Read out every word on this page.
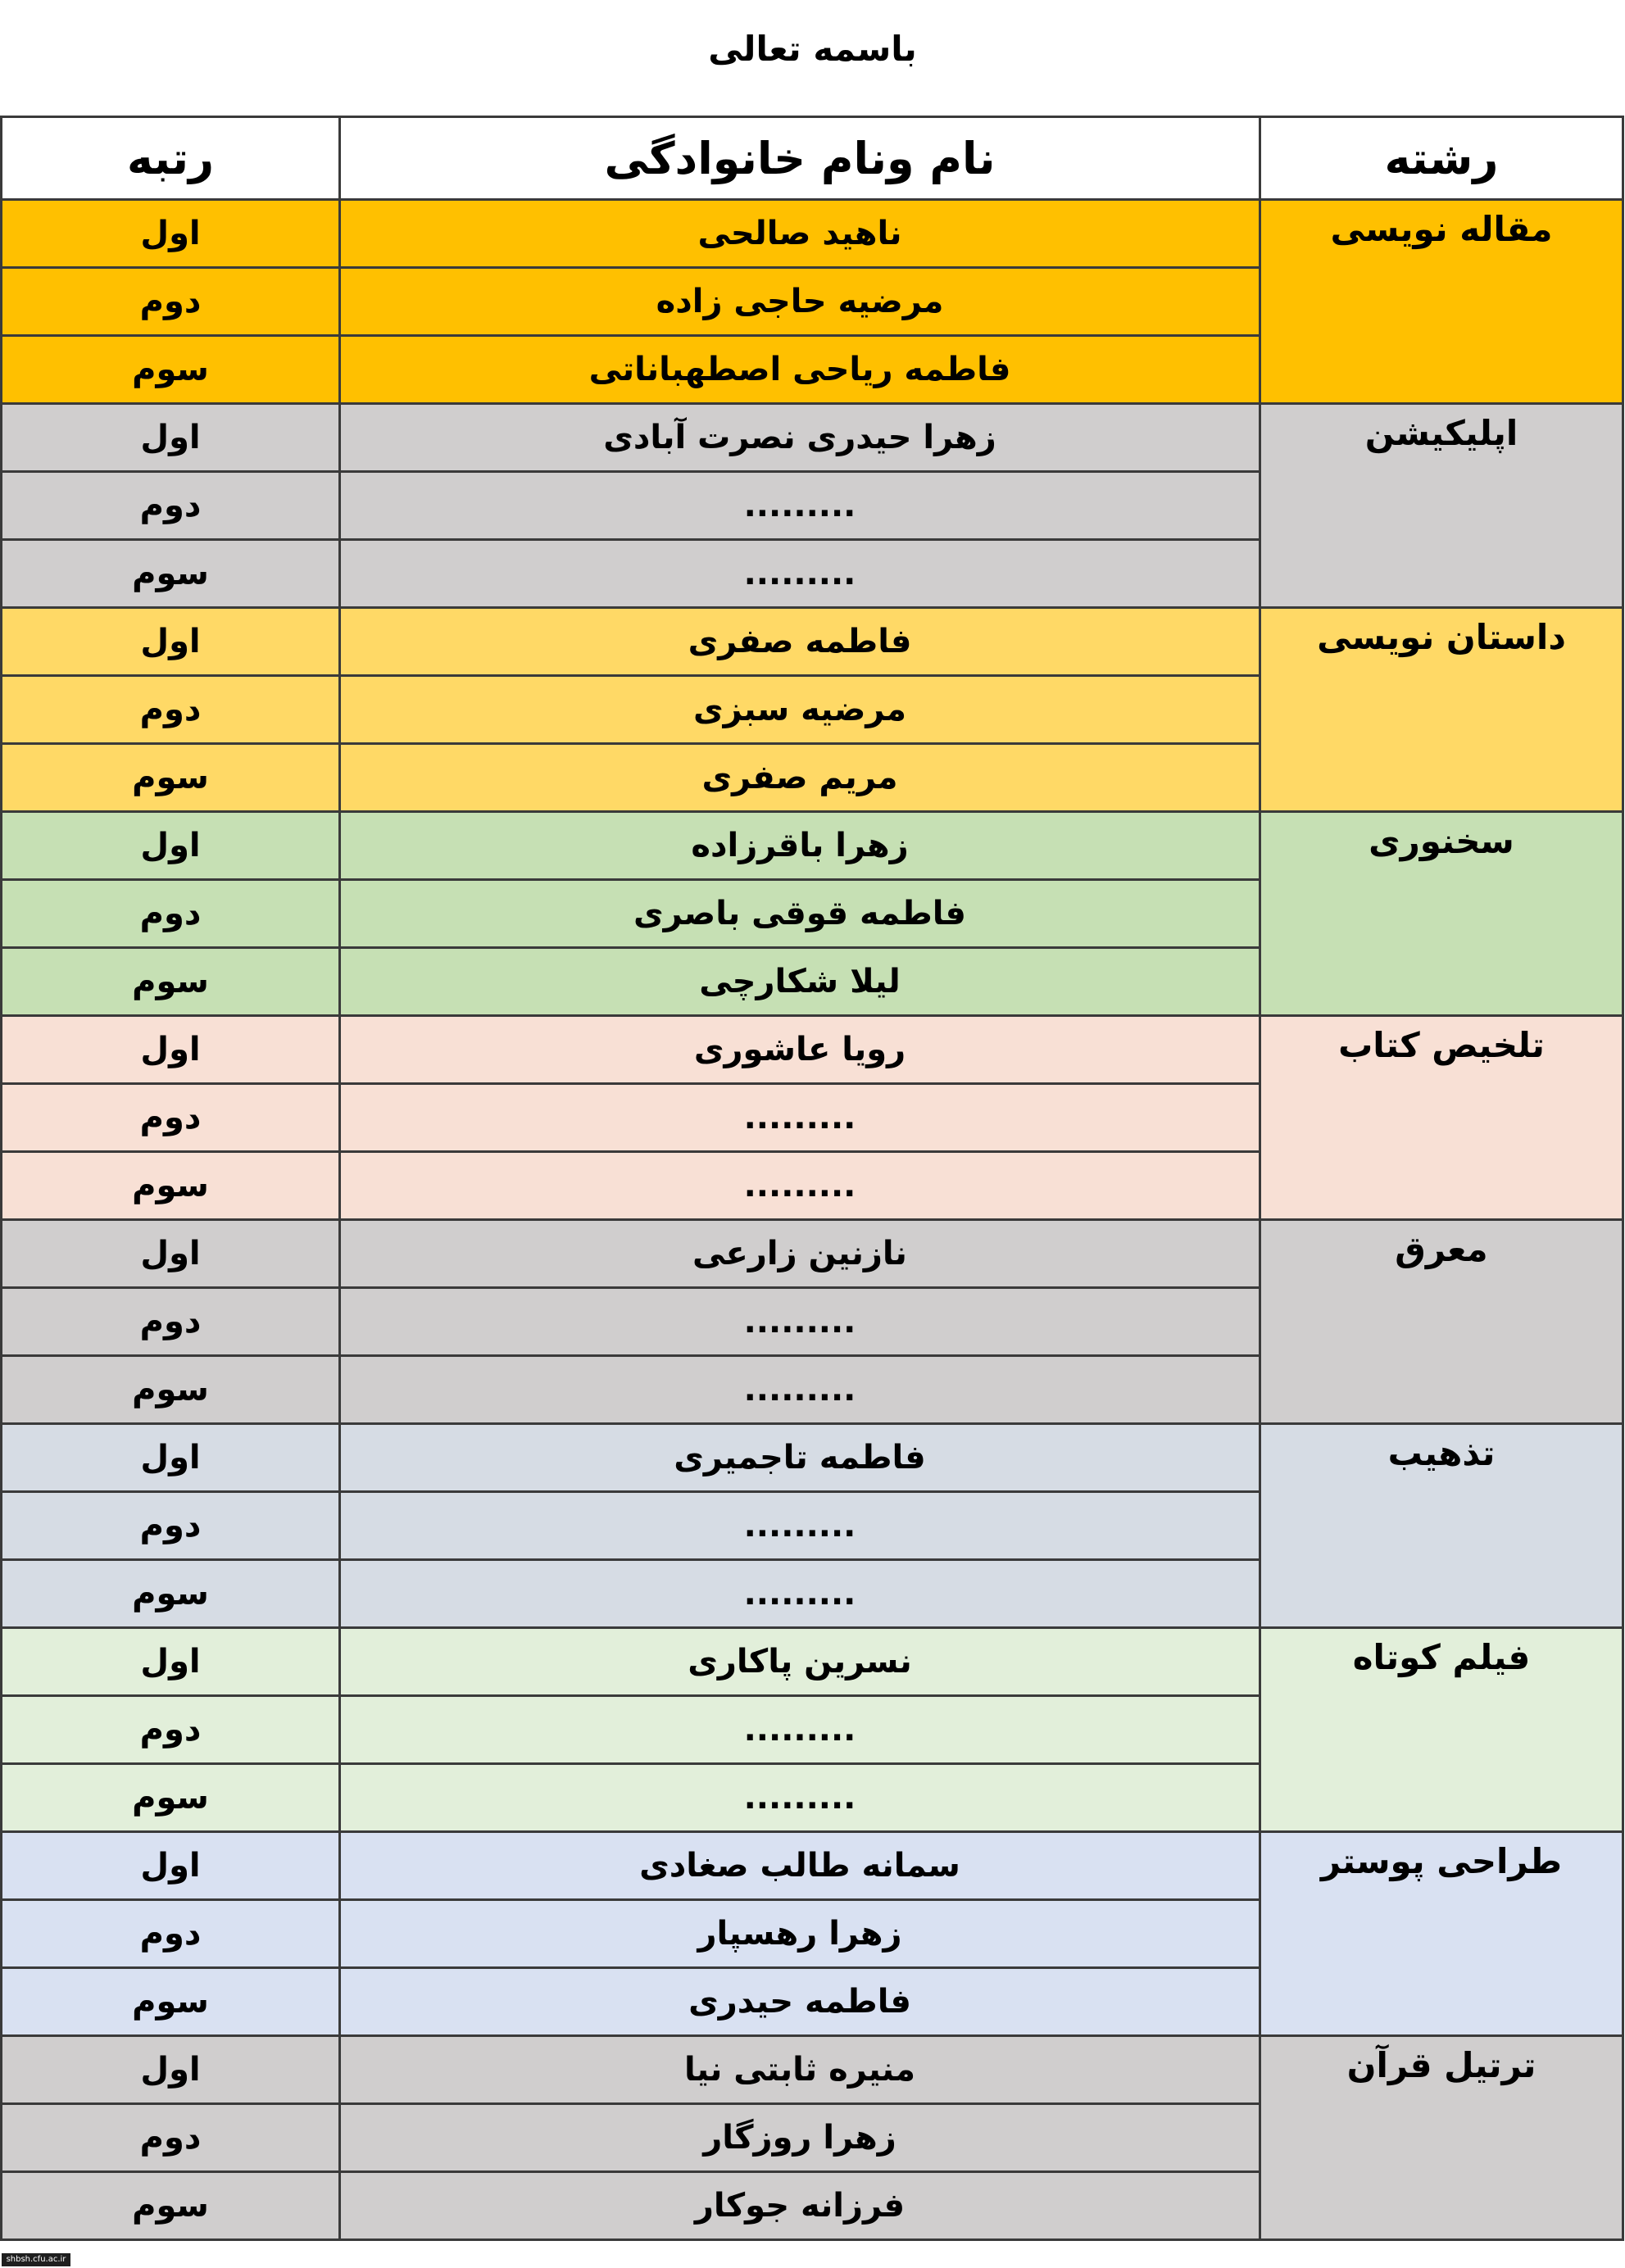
باسمه تعالی
رشته	نام ونام خانوادگی	رتبه
مقاله نویسی	ناهید صالحی	اول
	مرضیه حاجی زاده	دوم
	فاطمه ریاحی اصطهباناتی	سوم
اپلیکیشن	زهرا حیدری نصرت آبادی	اول
	.........	دوم
	.........	سوم
داستان نویسی	فاطمه صفری	اول
	مرضیه سبزی	دوم
	مریم صفری	سوم
سخنوری	زهرا باقرزاده	اول
	فاطمه قوقی باصری	دوم
	لیلا شکارچی	سوم
تلخیص کتاب	رویا عاشوری	اول
	.........	دوم
	.........	سوم
معرق	نازنین زارعی	اول
	.........	دوم
	.........	سوم
تذهیب	فاطمه تاجمیری	اول
	.........	دوم
	.........	سوم
فیلم کوتاه	نسرین پاکاری	اول
	.........	دوم
	.........	سوم
طراحی پوستر	سمانه طالب صغادی	اول
	زهرا رهسپار	دوم
	فاطمه حیدری	سوم
ترتیل قرآن	منیره ثابتی نیا	اول
	زهرا روزگار	دوم
	فرزانه جوکار	سوم
shbsh.cfu.ac.ir
